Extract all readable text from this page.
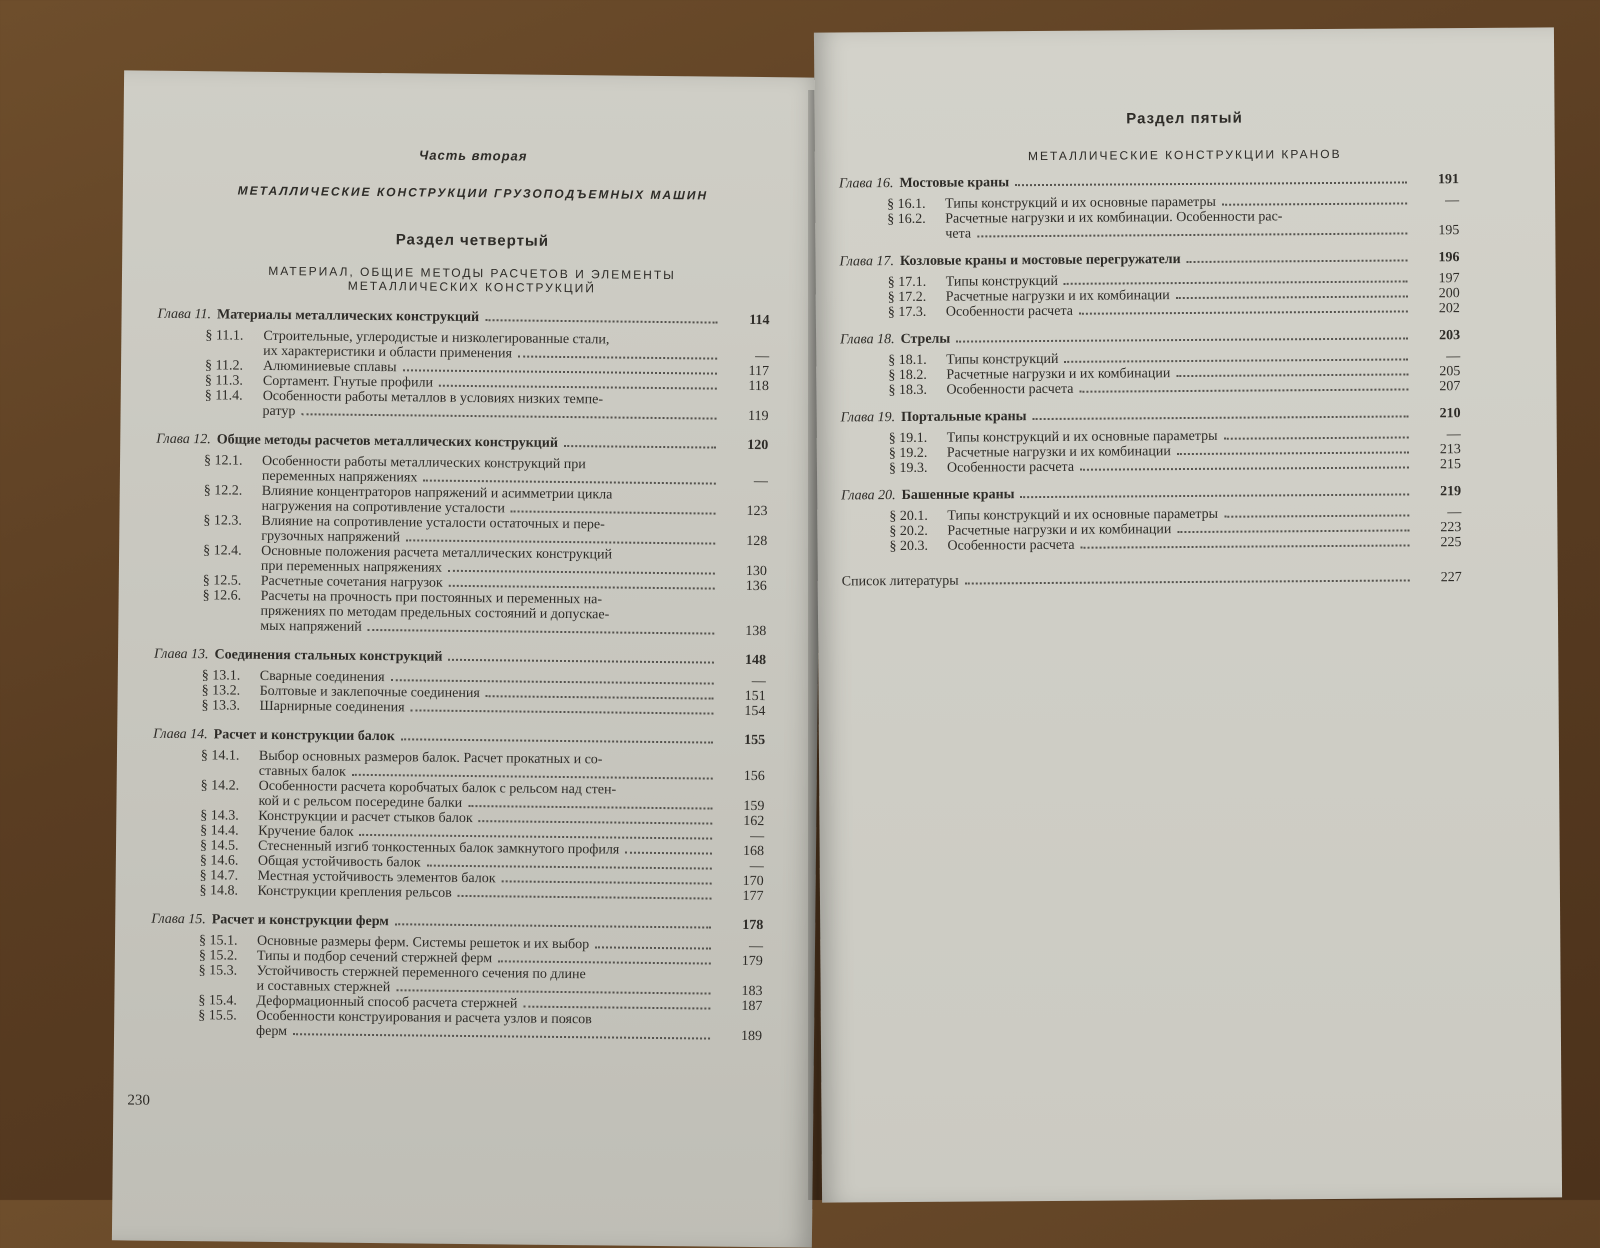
Часть вторая
МЕТАЛЛИЧЕСКИЕ КОНСТРУКЦИИ ГРУЗОПОДЪЕМНЫХ МАШИН
Раздел четвертый
МАТЕРИАЛ, ОБЩИЕ МЕТОДЫ РАСЧЕТОВ И ЭЛЕМЕНТЫ
МЕТАЛЛИЧЕСКИХ КОНСТРУКЦИЙ
Глава 11. Материалы металлических конструкций	114
§ 11.1.	Строительные, углеродистые и низколегированные стали,
их характеристики и области применения	—
§ 11.2.	Алюминиевые сплавы	117
§ 11.3.	Сортамент. Гнутые профили	118
§ 11.4.	Особенности работы металлов в условиях низких темпе-
ратур	119
Глава 12. Общие методы расчетов металлических конструкций	120
§ 12.1.	Особенности работы металлических конструкций при
переменных напряжениях	—
§ 12.2.	Влияние концентраторов напряжений и асимметрии цикла
нагружения на сопротивление усталости	123
§ 12.3.	Влияние на сопротивление усталости остаточных и пере-
грузочных напряжений	128
§ 12.4.	Основные положения расчета металлических конструкций
при переменных напряжениях	130
§ 12.5.	Расчетные сочетания нагрузок	136
§ 12.6.	Расчеты на прочность при постоянных и переменных на-
пряжениях по методам предельных состояний и допускае-
мых напряжений	138
Глава 13. Соединения стальных конструкций	148
§ 13.1.	Сварные соединения	—
§ 13.2.	Болтовые и заклепочные соединения	151
§ 13.3.	Шарнирные соединения	154
Глава 14. Расчет и конструкции балок	155
§ 14.1.	Выбор основных размеров балок. Расчет прокатных и со-
ставных балок	156
§ 14.2.	Особенности расчета коробчатых балок с рельсом над стен-
кой и с рельсом посередине балки	159
§ 14.3.	Конструкции и расчет стыков балок	162
§ 14.4.	Кручение балок	—
§ 14.5.	Стесненный изгиб тонкостенных балок замкнутого профиля	168
§ 14.6.	Общая устойчивость балок	—
§ 14.7.	Местная устойчивость элементов балок	170
§ 14.8.	Конструкции крепления рельсов	177
Глава 15. Расчет и конструкции ферм	178
§ 15.1.	Основные размеры ферм. Системы решеток и их выбор	—
§ 15.2.	Типы и подбор сечений стержней ферм	179
§ 15.3.	Устойчивость стержней переменного сечения по длине
и составных стержней	183
§ 15.4.	Деформационный способ расчета стержней	187
§ 15.5.	Особенности конструирования и расчета узлов и поясов
ферм	189
230
Раздел пятый
МЕТАЛЛИЧЕСКИЕ КОНСТРУКЦИИ КРАНОВ
Глава 16. Мостовые краны	191
§ 16.1.	Типы конструкций и их основные параметры	—
§ 16.2.	Расчетные нагрузки и их комбинации. Особенности рас-
чета	195
Глава 17. Козловые краны и мостовые перегружатели	196
§ 17.1.	Типы конструкций	197
§ 17.2.	Расчетные нагрузки и их комбинации	200
§ 17.3.	Особенности расчета	202
Глава 18. Стрелы	203
§ 18.1.	Типы конструкций	—
§ 18.2.	Расчетные нагрузки и их комбинации	205
§ 18.3.	Особенности расчета	207
Глава 19. Портальные краны	210
§ 19.1.	Типы конструкций и их основные параметры	—
§ 19.2.	Расчетные нагрузки и их комбинации	213
§ 19.3.	Особенности расчета	215
Глава 20. Башенные краны	219
§ 20.1.	Типы конструкций и их основные параметры	—
§ 20.2.	Расчетные нагрузки и их комбинации	223
§ 20.3.	Особенности расчета	225
Список литературы	227
